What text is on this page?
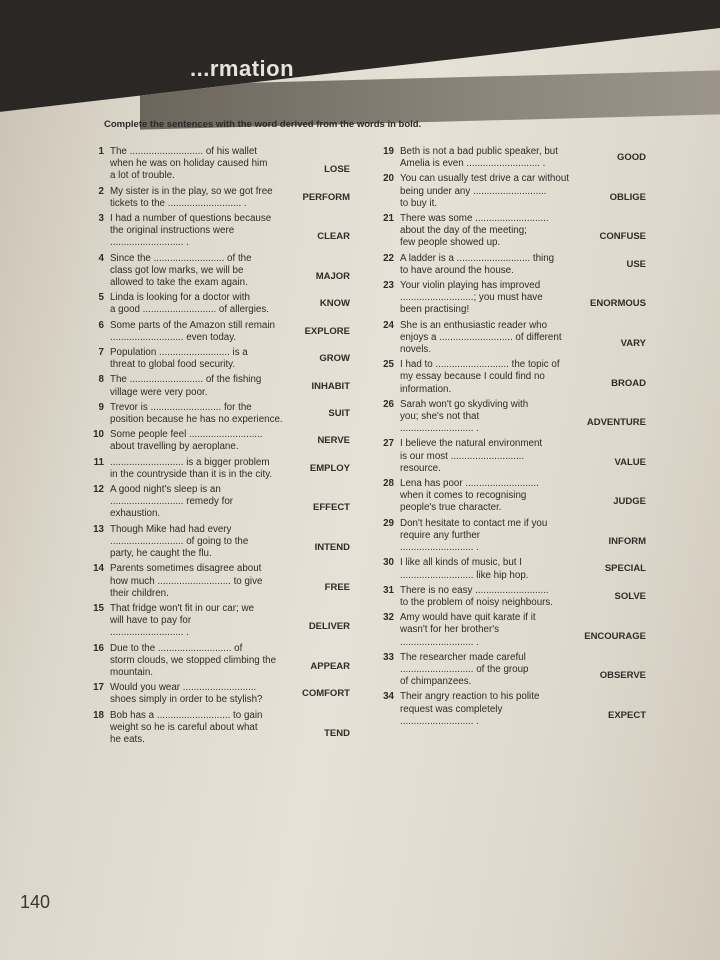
...rmation
Complete the sentences with the word derived from the words in bold.
1 The ........................... of his wallet
when he was on holiday caused him
a lot of trouble.
LOSE
2 My sister is in the play, so we got free
tickets to the ........................... .
PERFORM
3 I had a number of questions because
the original instructions were
........................... .
CLEAR
4 Since the .......................... of the
class got low marks, we will be
allowed to take the exam again.
MAJOR
5 Linda is looking for a doctor with
a good ........................... of allergies.
KNOW
6 Some parts of the Amazon still remain
........................... even today.
EXPLORE
7 Population .......................... is a
threat to global food security.
GROW
8 The ........................... of the fishing
village were very poor.
INHABIT
9 Trevor is .......................... for the
position because he has no experience.
SUIT
10 Some people feel ...........................
about travelling by aeroplane.
NERVE
11 ........................... is a bigger problem
in the countryside than it is in the city.
EMPLOY
12 A good night's sleep is an
........................... remedy for
exhaustion.
EFFECT
13 Though Mike had had every
........................... of going to the
party, he caught the flu.
INTEND
14 Parents sometimes disagree about
how much ........................... to give
their children.
FREE
15 That fridge won't fit in our car; we
will have to pay for
........................... .
DELIVER
16 Due to the ........................... of
storm clouds, we stopped climbing the
mountain.
APPEAR
17 Would you wear ...........................
shoes simply in order to be stylish?
COMFORT
18 Bob has a ........................... to gain
weight so he is careful about what
he eats.
TEND
19 Beth is not a bad public speaker, but
Amelia is even ........................... .
GOOD
20 You can usually test drive a car without
being under any ...........................
to buy it.
OBLIGE
21 There was some ...........................
about the day of the meeting;
few people showed up.
CONFUSE
22 A ladder is a ........................... thing
to have around the house.
USE
23 Your violin playing has improved
...........................; you must have
been practising!
ENORMOUS
24 She is an enthusiastic reader who
enjoys a ........................... of different
novels.
VARY
25 I had to ........................... the topic of
my essay because I could find no
information.
BROAD
26 Sarah won't go skydiving with
you; she's not that
........................... .
ADVENTURE
27 I believe the natural environment
is our most ...........................
resource.
VALUE
28 Lena has poor ...........................
when it comes to recognising
people's true character.
JUDGE
29 Don't hesitate to contact me if you
require any further
........................... .
INFORM
30 I like all kinds of music, but I
........................... like hip hop.
SPECIAL
31 There is no easy ...........................
to the problem of noisy neighbours.
SOLVE
32 Amy would have quit karate if it
wasn't for her brother's
........................... .
ENCOURAGE
33 The researcher made careful
........................... of the group
of chimpanzees.
OBSERVE
34 Their angry reaction to his polite
request was completely
........................... .
EXPECT
140
